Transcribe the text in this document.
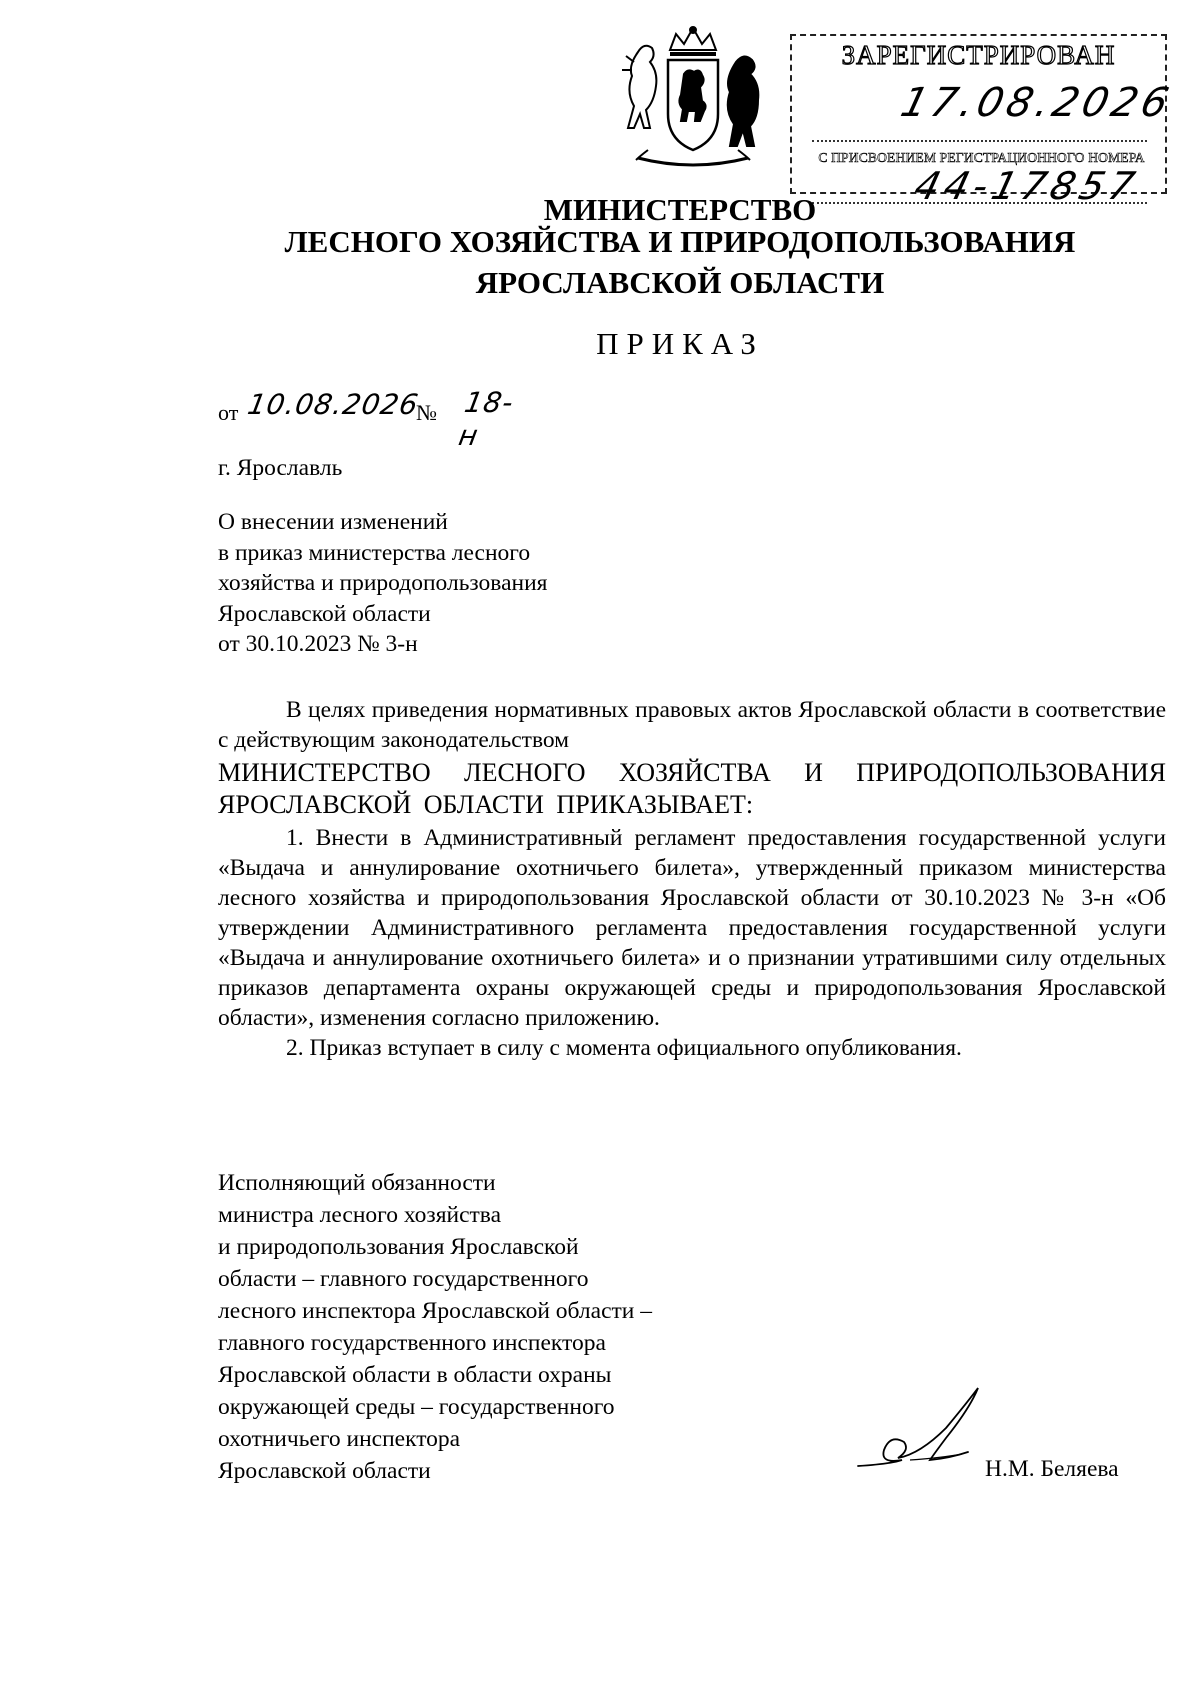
ЗАРЕГИСТРИРОВАН
17.08.2026
С ПРИСВОЕНИЕМ РЕГИСТРАЦИОННОГО НОМЕРА
44-17857
МИНИСТЕРСТВО
ЛЕСНОГО ХОЗЯЙСТВА И ПРИРОДОПОЛЬЗОВАНИЯ
ЯРОСЛАВСКОЙ ОБЛАСТИ
ПРИКАЗ
от 10.08.2026
№ 18-н
г. Ярославль
О внесении изменений
в приказ министерства лесного
хозяйства и природопользования
Ярославской области
от 30.10.2023 № 3-н

В целях приведения нормативных правовых актов Ярославской области в соответствие с действующим законодательством

МИНИСТЕРСТВО ЛЕСНОГО ХОЗЯЙСТВА И ПРИРОДОПОЛЬЗОВАНИЯ ЯРОСЛАВСКОЙ ОБЛАСТИ ПРИКАЗЫВАЕТ:

1. Внести в Административный регламент предоставления государственной услуги «Выдача и аннулирование охотничьего билета», утвержденный приказом министерства лесного хозяйства и природопользования Ярославской области от 30.10.2023 № 3-н «Об утверждении Административного регламента предоставления государственной услуги «Выдача и аннулирование охотничьего билета» и о признании утратившими силу отдельных приказов департамента охраны окружающей среды и природопользования Ярославской области», изменения согласно приложению.

2. Приказ вступает в силу с момента официального опубликования.

Исполняющий обязанности
министра лесного хозяйства
и природопользования Ярославской
области – главного государственного
лесного инспектора Ярославской области –
главного государственного инспектора
Ярославской области в области охраны
окружающей среды – государственного
охотничьего инспектора
Ярославской области	Н.М. Беляева
